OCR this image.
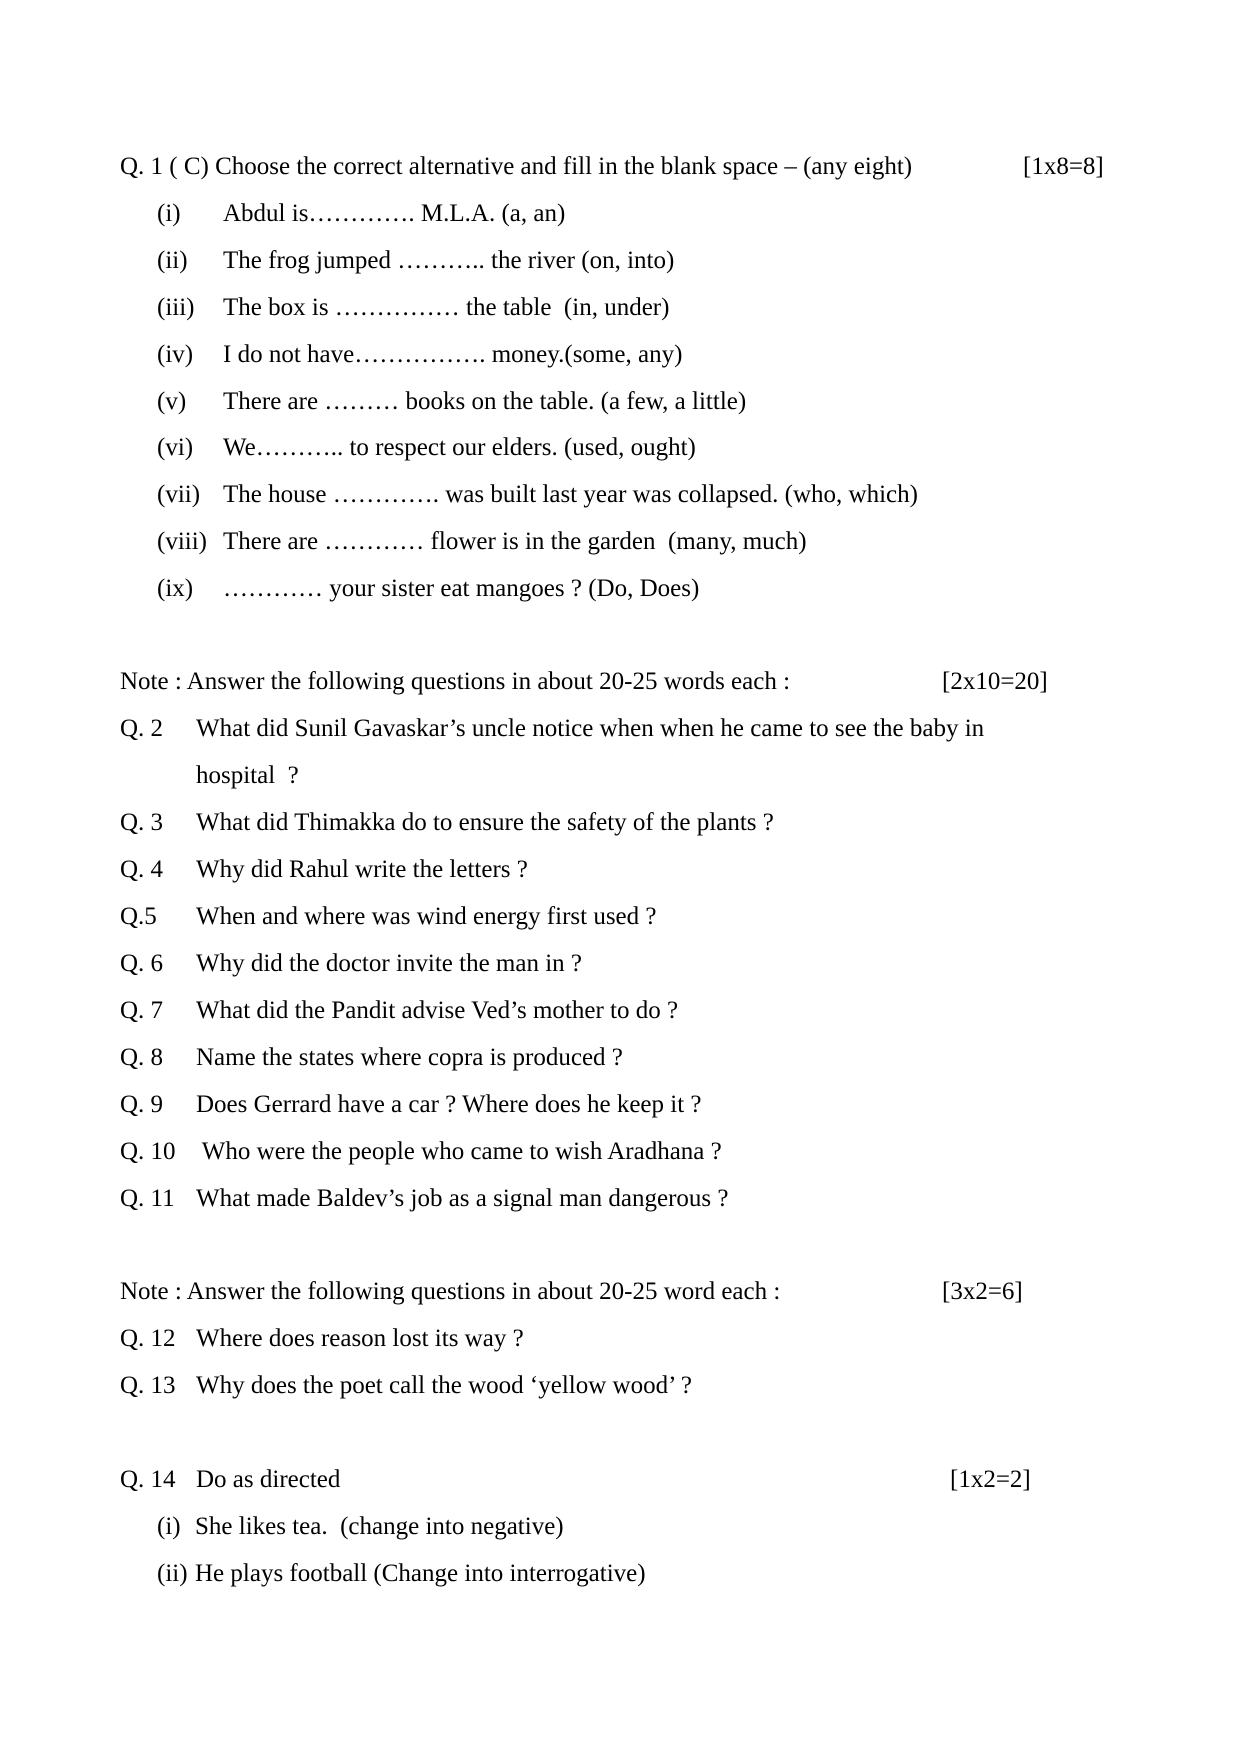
Q. 1 ( C) Choose the correct alternative and fill in the blank space – (any eight)	[1x8=8]
(i) Abdul is…………. M.L.A. (a, an)
(ii) The frog jumped ……….. the river (on, into)
(iii) The box is …………… the table  (in, under)
(iv) I do not have……………. money.(some, any)
(v) There are ……… books on the table. (a few, a little)
(vi) We……….. to respect our elders. (used, ought)
(vii) The house …………. was built last year was collapsed. (who, which)
(viii) There are ………… flower is in the garden  (many, much)
(ix) ………… your sister eat mangoes ? (Do, Does)
Note : Answer the following questions in about 20-25 words each :	[2x10=20]
Q. 2 What did Sunil Gavaskar’s uncle notice when when he came to see the baby in
hospital  ?
Q. 3 What did Thimakka do to ensure the safety of the plants ?
Q. 4 Why did Rahul write the letters ?
Q.5 When and where was wind energy first used ?
Q. 6 Why did the doctor invite the man in ?
Q. 7 What did the Pandit advise Ved’s mother to do ?
Q. 8 Name the states where copra is produced ?
Q. 9 Does Gerrard have a car ? Where does he keep it ?
Q. 10 Who were the people who came to wish Aradhana ?
Q. 11 What made Baldev’s job as a signal man dangerous ?
Note : Answer the following questions in about 20-25 word each :	[3x2=6]
Q. 12 Where does reason lost its way ?
Q. 13 Why does the poet call the wood ‘yellow wood’ ?
Q. 14 Do as directed	[1x2=2]
(i) She likes tea.  (change into negative)
(ii) He plays football (Change into interrogative)
